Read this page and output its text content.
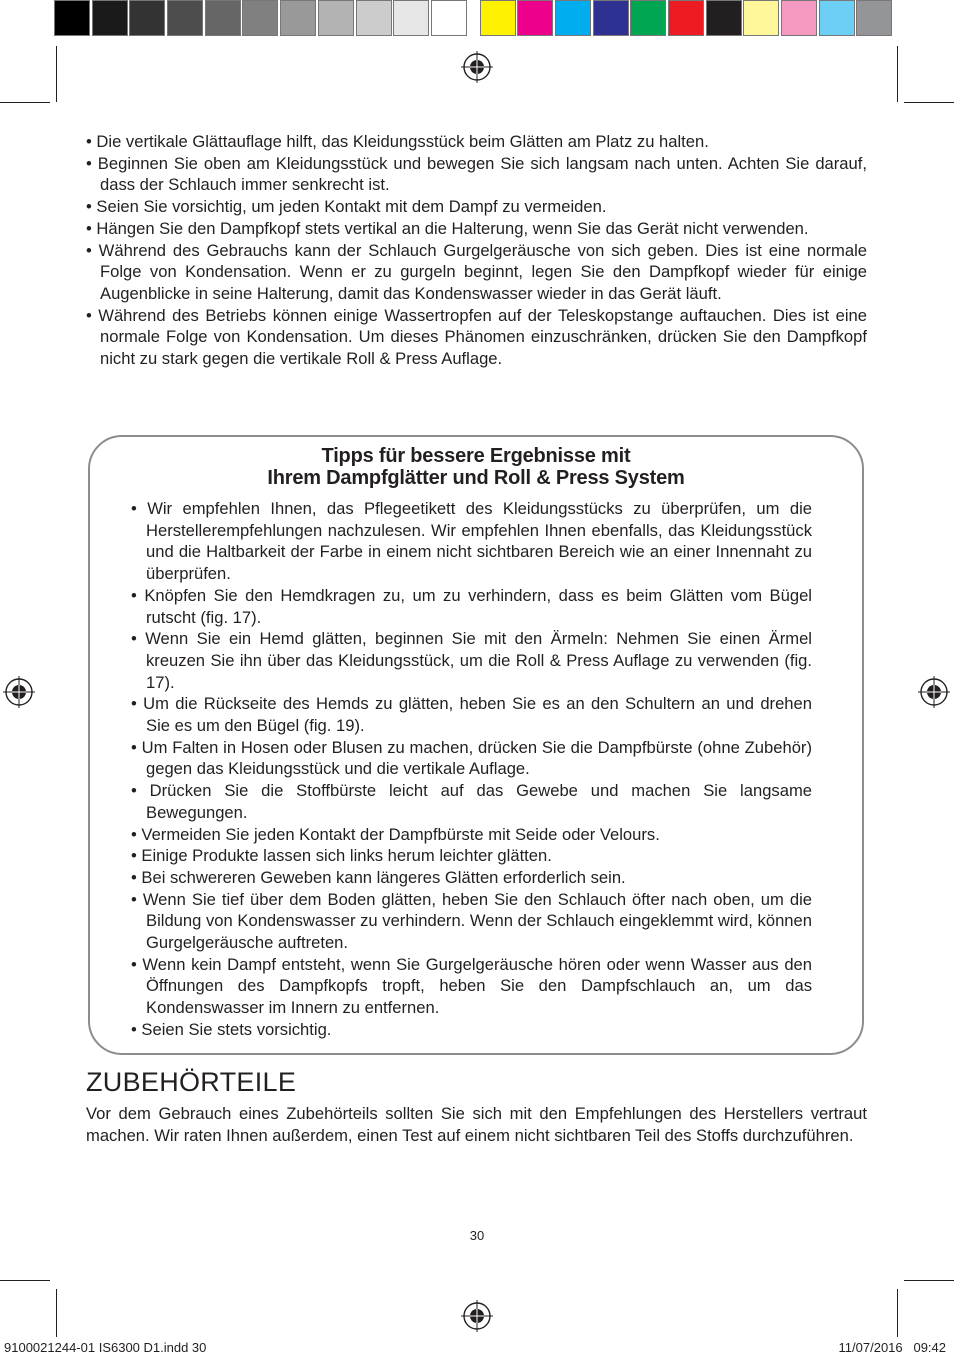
• Die vertikale Glättauflage hilft, das Kleidungsstück beim Glätten am Platz zu halten.
• Beginnen Sie oben am Kleidungsstück und bewegen Sie sich langsam nach unten. Achten Sie darauf, dass der Schlauch immer senkrecht ist.
• Seien Sie vorsichtig, um jeden Kontakt mit dem Dampf zu vermeiden.
• Hängen Sie den Dampfkopf stets vertikal an die Halterung, wenn Sie das Gerät nicht verwenden.
• Während des Gebrauchs kann der Schlauch Gurgelgeräusche von sich geben. Dies ist eine normale Folge von Kondensation. Wenn er zu gurgeln beginnt, legen Sie den Dampfkopf wieder für einige Augenblicke in seine Halterung, damit das Kondenswasser wieder in das Gerät läuft.
• Während des Betriebs können einige Wassertropfen auf der Teleskopstange auftauchen. Dies ist eine normale Folge von Kondensation. Um dieses Phänomen einzuschränken, drücken Sie den Dampfkopf nicht zu stark gegen die vertikale Roll & Press Auflage.
Tipps für bessere Ergebnisse mit
Ihrem Dampfglätter und Roll & Press System
• Wir empfehlen Ihnen, das Pflegeetikett des Kleidungsstücks zu überprüfen, um die Herstellerempfehlungen nachzulesen. Wir empfehlen Ihnen ebenfalls, das Kleidungsstück und die Haltbarkeit der Farbe in einem nicht sichtbaren Bereich wie an einer Innennaht zu überprüfen.
• Knöpfen Sie den Hemdkragen zu, um zu verhindern, dass es beim Glätten vom Bügel rutscht (fig. 17).
• Wenn Sie ein Hemd glätten, beginnen Sie mit den Ärmeln: Nehmen Sie einen Ärmel kreuzen Sie ihn über das Kleidungsstück, um die Roll & Press Auflage zu verwenden (fig. 17).
• Um die Rückseite des Hemds zu glätten, heben Sie es an den Schultern an und drehen Sie es um den Bügel (fig. 19).
• Um Falten in Hosen oder Blusen zu machen, drücken Sie die Dampfbürste (ohne Zubehör) gegen das Kleidungsstück und die vertikale Auflage.
• Drücken Sie die Stoffbürste leicht auf das Gewebe und machen Sie langsame Bewegungen.
• Vermeiden Sie jeden Kontakt der Dampfbürste mit Seide oder Velours.
• Einige Produkte lassen sich links herum leichter glätten.
• Bei schwereren Geweben kann längeres Glätten erforderlich sein.
• Wenn Sie tief über dem Boden glätten, heben Sie den Schlauch öfter nach oben, um die Bildung von Kondenswasser zu verhindern. Wenn der Schlauch eingeklemmt wird, können Gurgelgeräusche auftreten.
• Wenn kein Dampf entsteht, wenn Sie Gurgelgeräusche hören oder wenn Wasser aus den Öffnungen des Dampfkopfs tropft, heben Sie den Dampfschlauch an, um das Kondenswasser im Innern zu entfernen.
• Seien Sie stets vorsichtig.
ZUBEHÖRTEILE

Vor dem Gebrauch eines Zubehörteils sollten Sie sich mit den Empfehlungen des Herstellers vertraut machen. Wir raten Ihnen außerdem, einen Test auf einem nicht sichtbaren Teil des Stoffs durchzuführen.

30
9100021244-01 IS6300 D1.indd 30	11/07/2016   09:42
